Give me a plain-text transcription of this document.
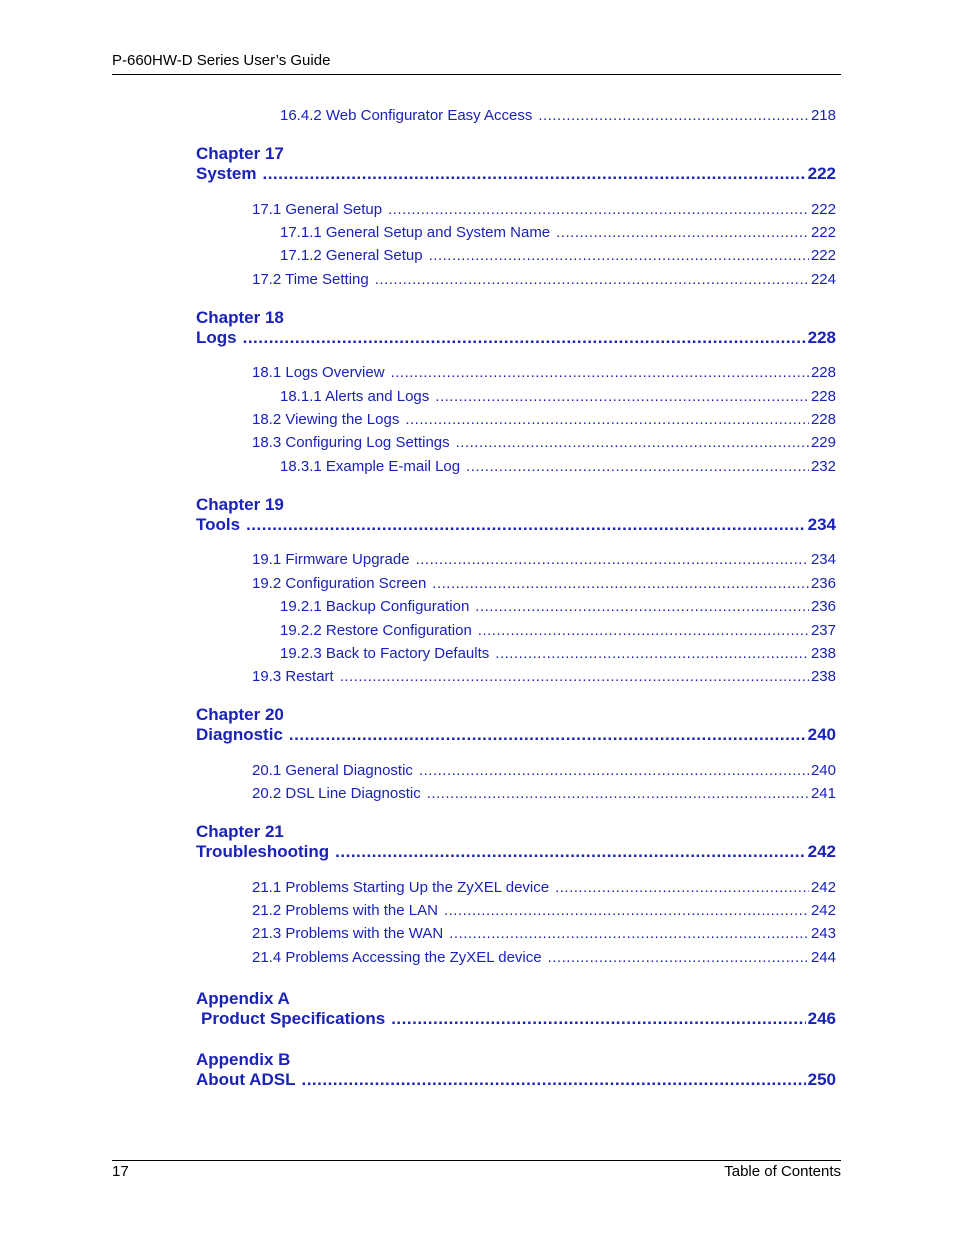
P-660HW-D Series User’s Guide
16.4.2 Web Configurator Easy Access .....	218
Chapter 17
System .....	222
17.1 General Setup .....	222
17.1.1 General Setup and System Name .....	222
17.1.2 General Setup .....	222
17.2 Time Setting .....	224
Chapter 18
Logs .....	228
18.1 Logs Overview .....	228
18.1.1 Alerts and Logs .....	228
18.2 Viewing the Logs .....	228
18.3 Configuring Log Settings .....	229
18.3.1 Example E-mail Log .....	232
Chapter 19
Tools .....	234
19.1 Firmware Upgrade .....	234
19.2 Configuration Screen .....	236
19.2.1 Backup Configuration .....	236
19.2.2 Restore Configuration .....	237
19.2.3 Back to Factory Defaults .....	238
19.3 Restart .....	238
Chapter 20
Diagnostic .....	240
20.1 General Diagnostic .....	240
20.2 DSL Line Diagnostic .....	241
Chapter 21
Troubleshooting .....	242
21.1 Problems Starting Up the ZyXEL device .....	242
21.2 Problems with the LAN .....	242
21.3 Problems with the WAN .....	243
21.4 Problems Accessing the ZyXEL device .....	244
Appendix A
Product Specifications .....	246
Appendix B
About ADSL .....	250
17	Table of Contents
